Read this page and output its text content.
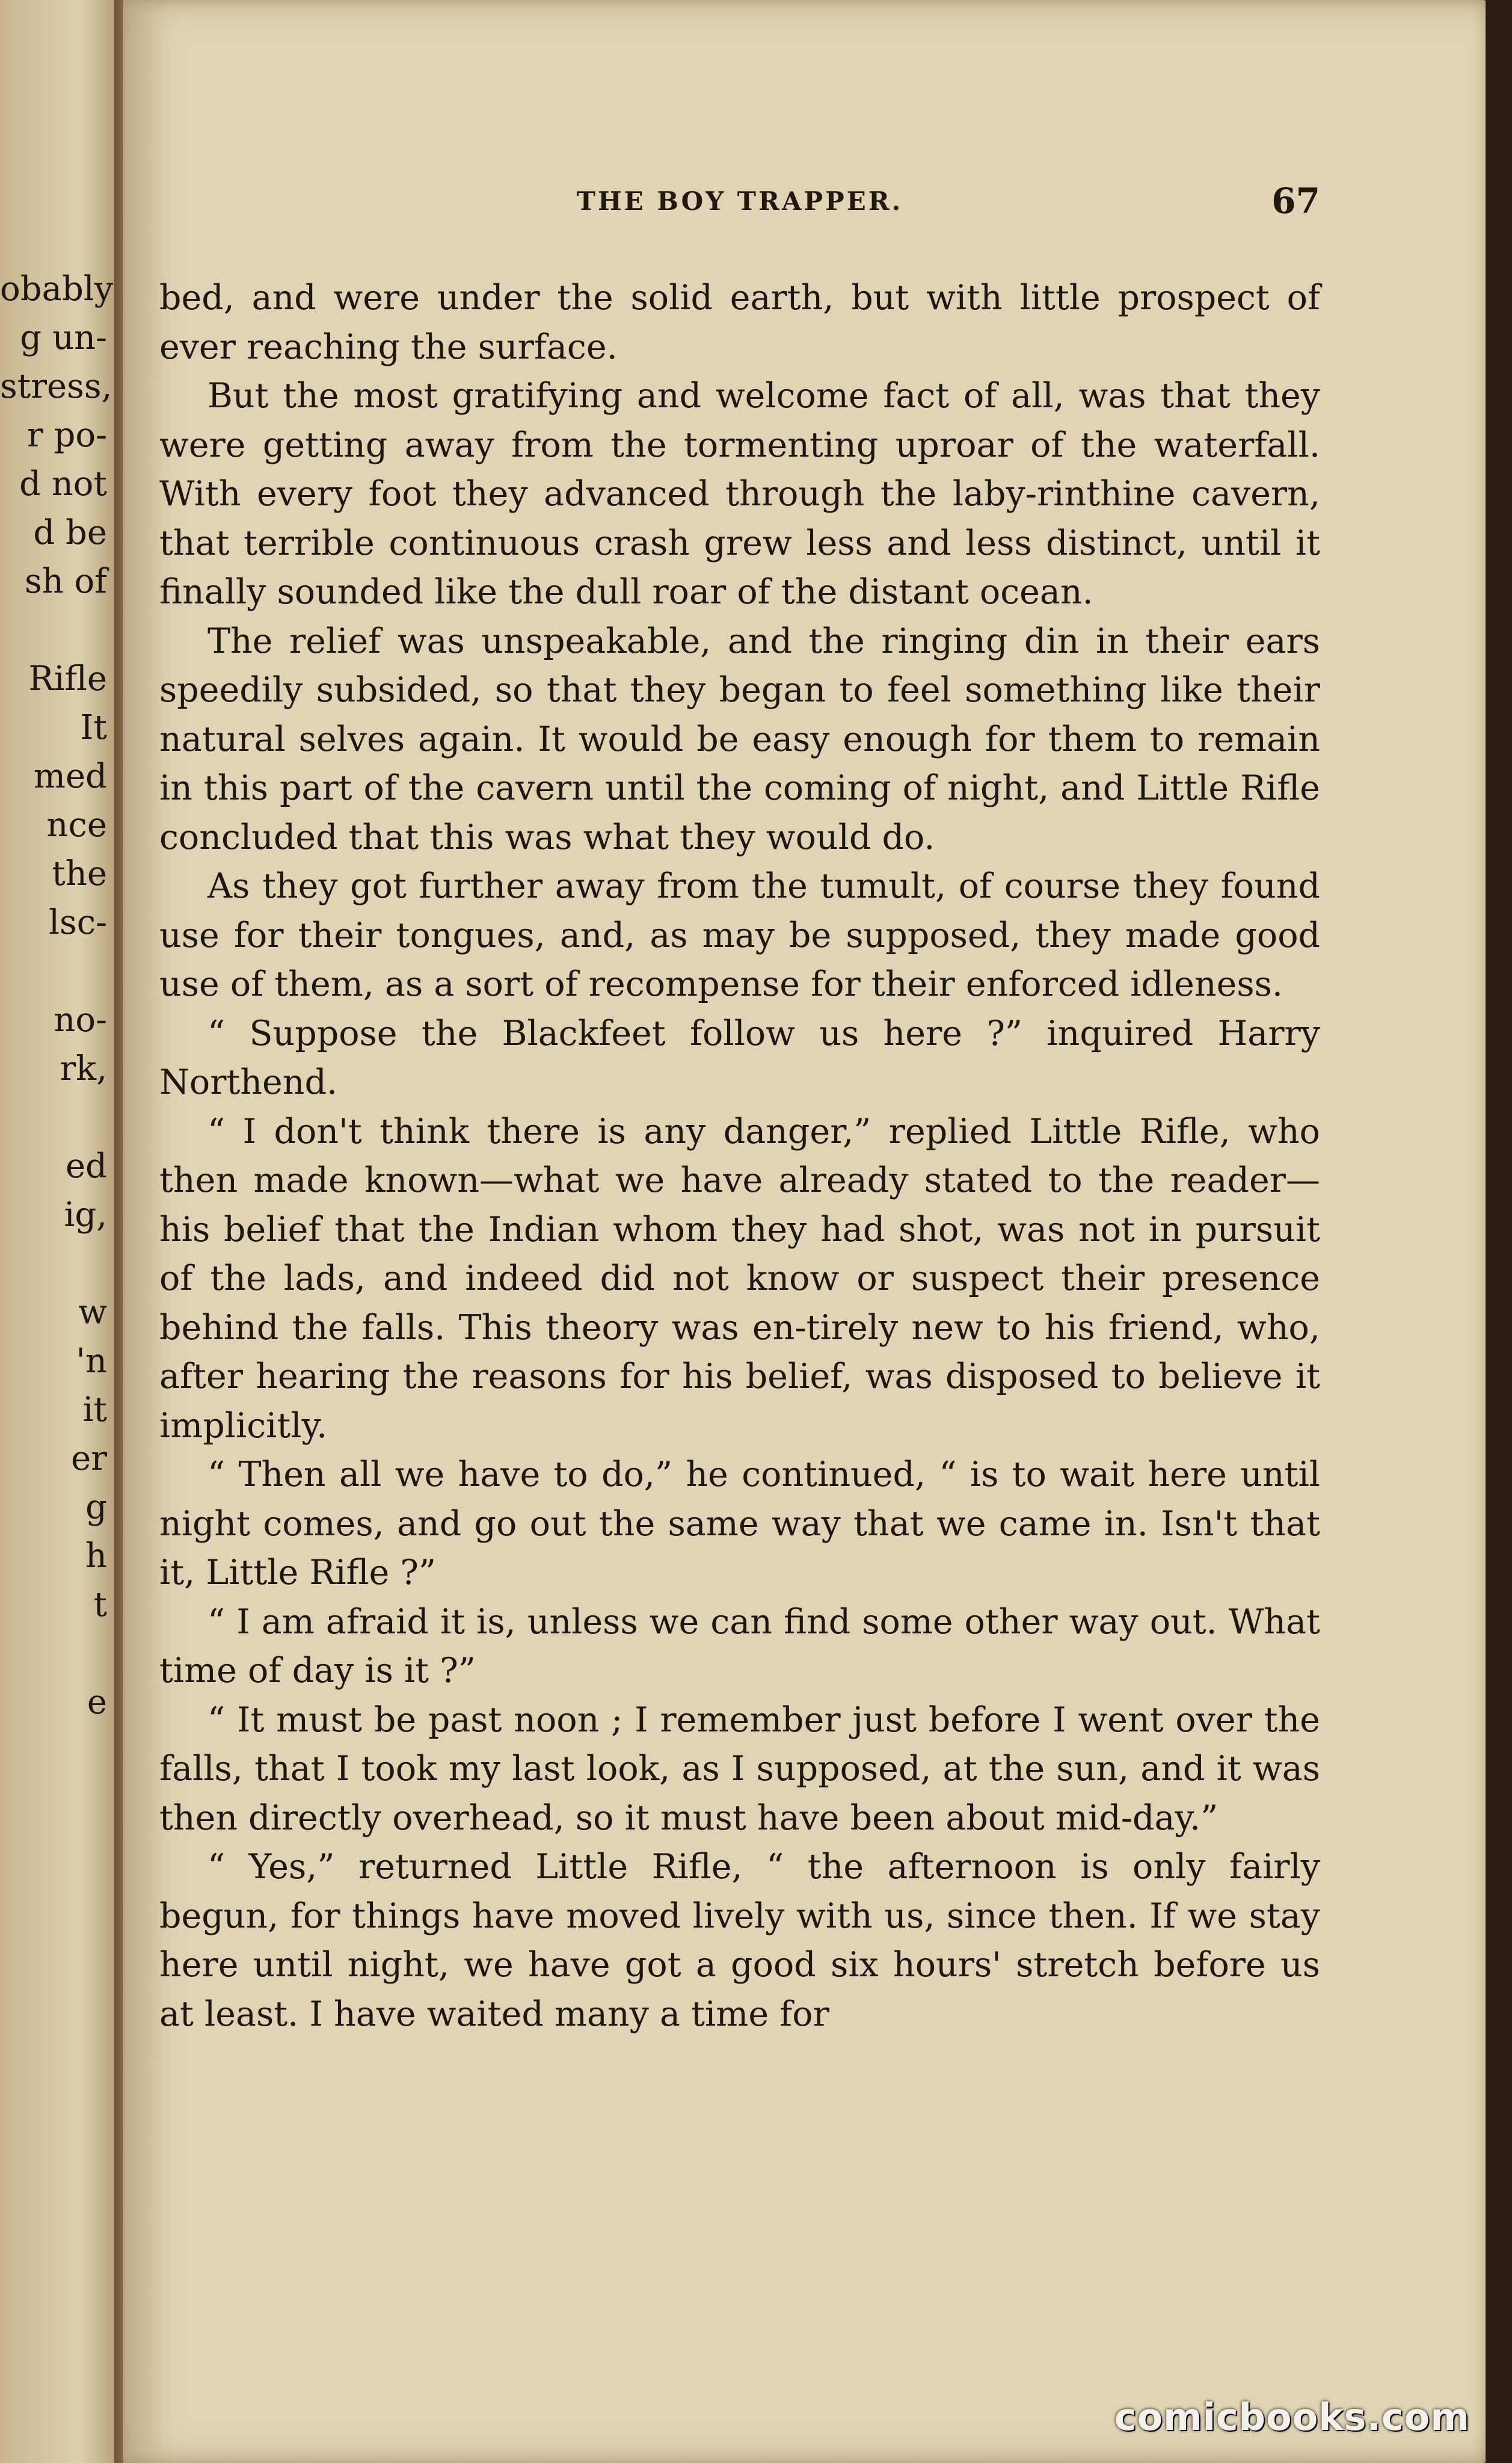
obably
g un-
stress,
r po-
d not
d be
sh of
Rifle
It
med
nce
the
lsc-
no-
rk,
ed
ig,
w
'n
it
er
g
h
t
e
THE BOY TRAPPER.	67

bed, and were under the solid earth, but with little prospect of ever reaching the surface.

But the most gratifying and welcome fact of all, was that they were getting away from the tormenting uproar of the waterfall. With every foot they advanced through the laby-rinthine cavern, that terrible continuous crash grew less and less distinct, until it finally sounded like the dull roar of the distant ocean.

The relief was unspeakable, and the ringing din in their ears speedily subsided, so that they began to feel something like their natural selves again. It would be easy enough for them to remain in this part of the cavern until the coming of night, and Little Rifle concluded that this was what they would do.

As they got further away from the tumult, of course they found use for their tongues, and, as may be supposed, they made good use of them, as a sort of recompense for their enforced idleness.

“ Suppose the Blackfeet follow us here ?” inquired Harry Northend.

“ I don't think there is any danger,” replied Little Rifle, who then made known—what we have already stated to the reader—his belief that the Indian whom they had shot, was not in pursuit of the lads, and indeed did not know or suspect their presence behind the falls. This theory was en-tirely new to his friend, who, after hearing the reasons for his belief, was disposed to believe it implicitly.

“ Then all we have to do,” he continued, “ is to wait here until night comes, and go out the same way that we came in. Isn't that it, Little Rifle ?”

“ I am afraid it is, unless we can find some other way out. What time of day is it ?”

“ It must be past noon ; I remember just before I went over the falls, that I took my last look, as I supposed, at the sun, and it was then directly overhead, so it must have been about mid-day.”

“ Yes,” returned Little Rifle, “ the afternoon is only fairly begun, for things have moved lively with us, since then. If we stay here until night, we have got a good six hours' stretch before us at least. I have waited many a time for

comicbooks.com
